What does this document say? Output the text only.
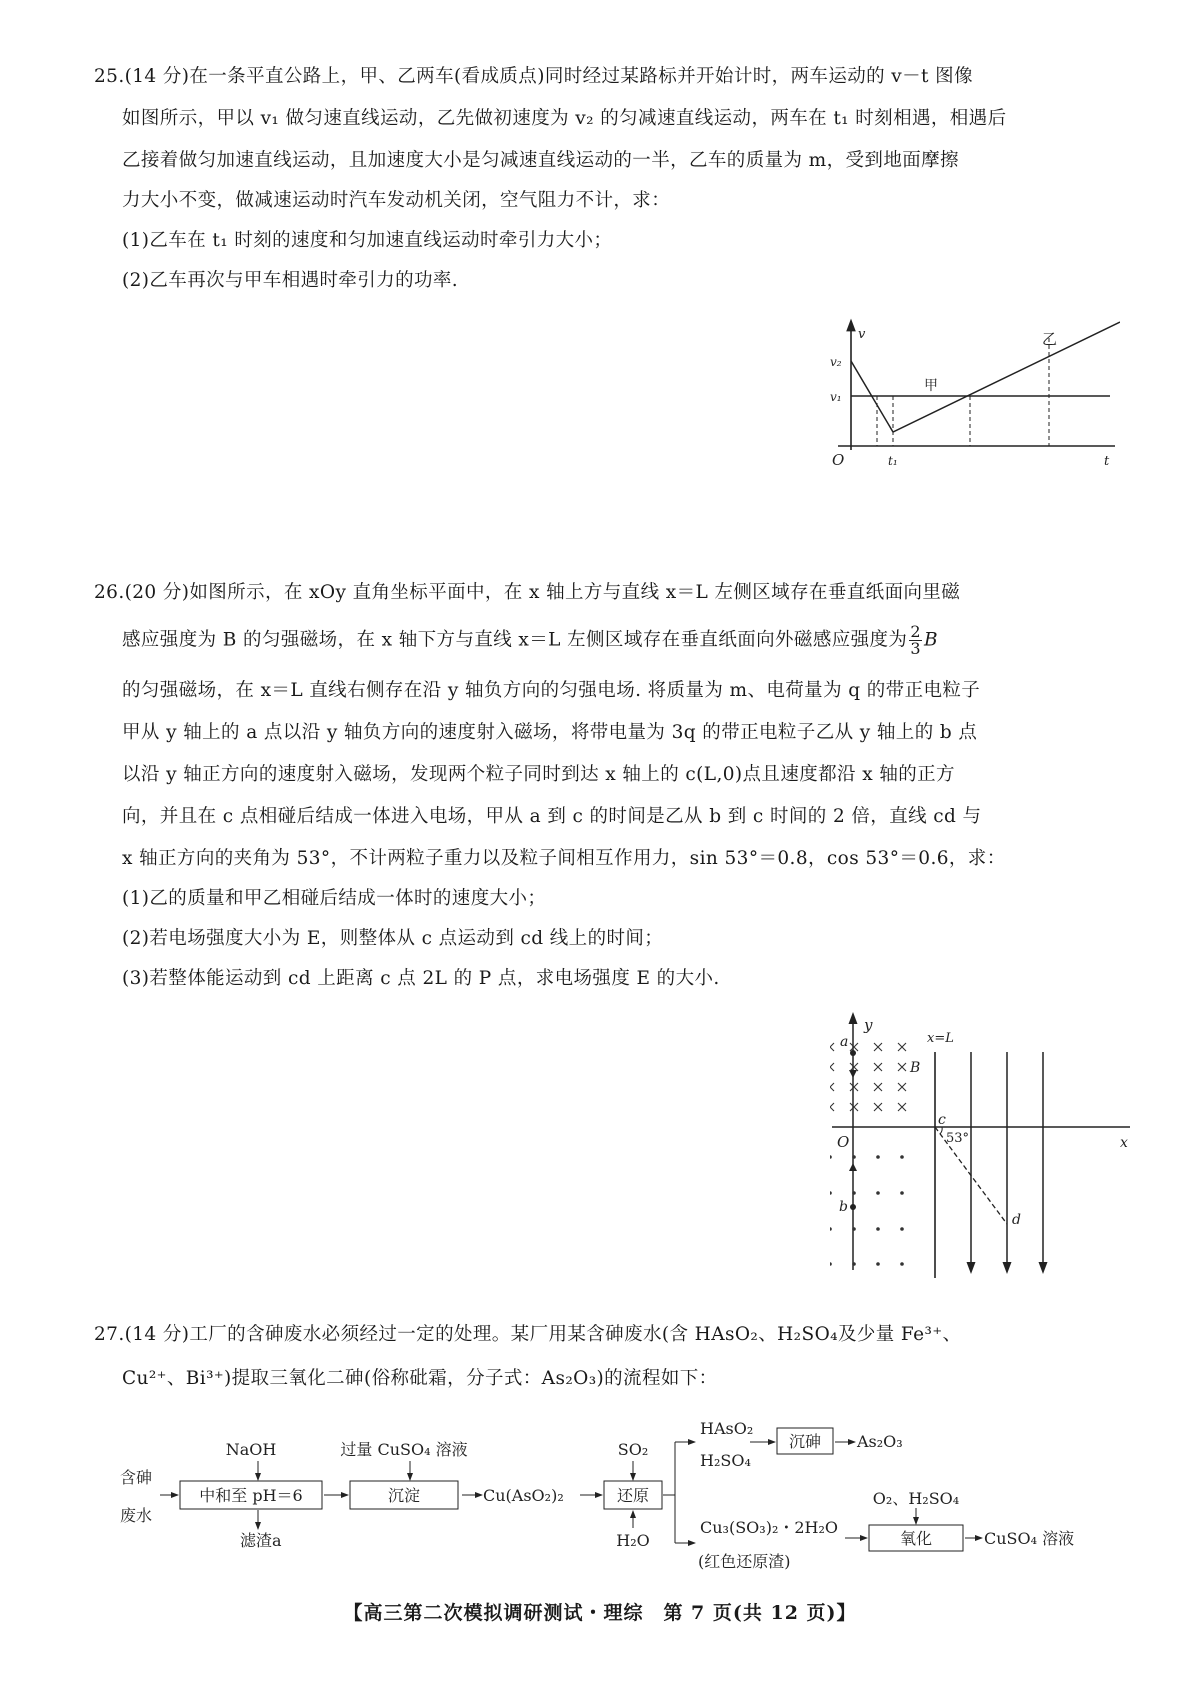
25.(14 分)在一条平直公路上，甲、乙两车(看成质点)同时经过某路标并开始计时，两车运动的 v－t 图像
如图所示，甲以 v₁ 做匀速直线运动，乙先做初速度为 v₂ 的匀减速直线运动，两车在 t₁ 时刻相遇，相遇后
乙接着做匀加速直线运动，且加速度大小是匀减速直线运动的一半，乙车的质量为 m，受到地面摩擦
力大小不变，做减速运动时汽车发动机关闭，空气阻力不计，求：
(1)乙车在 t₁ 时刻的速度和匀加速直线运动时牵引力大小；
(2)乙车再次与甲车相遇时牵引力的功率.
v
v₂
v₁
O	t₁	t
甲
乙
26.(20 分)如图所示，在 xOy 直角坐标平面中，在 x 轴上方与直线 x＝L 左侧区域存在垂直纸面向里磁
感应强度为 B 的匀强磁场，在 x 轴下方与直线 x＝L 左侧区域存在垂直纸面向外磁感应强度为 $\frac{2}{3}$ B
的匀强磁场，在 x＝L 直线右侧存在沿 y 轴负方向的匀强电场. 将质量为 m、电荷量为 q 的带正电粒子
甲从 y 轴上的 a 点以沿 y 轴负方向的速度射入磁场，将带电量为 3q 的带正电粒子乙从 y 轴上的 b 点
以沿 y 轴正方向的速度射入磁场，发现两个粒子同时到达 x 轴上的 c(L,0)点且速度都沿 x 轴的正方
向，并且在 c 点相碰后结成一体进入电场，甲从 a 到 c 的时间是乙从 b 到 c 时间的 2 倍，直线 cd 与
x 轴正方向的夹角为 53°，不计两粒子重力以及粒子间相互作用力，sin 53°＝0.8，cos 53°＝0.6，求：
(1)乙的质量和甲乙相碰后结成一体时的速度大小；
(2)若电场强度大小为 E，则整体从 c 点运动到 cd 线上的时间；
(3)若整体能运动到 cd 上距离 c 点 2L 的 P 点，求电场强度 E 的大小.
y
x
O
x=L
a
b
c
d
B
53°
27.(14 分)工厂的含砷废水必须经过一定的处理。某厂用某含砷废水(含 HAsO₂、H₂SO₄及少量 Fe³⁺、
Cu²⁺、Bi³⁺)提取三氧化二砷(俗称砒霜，分子式：As₂O₃)的流程如下：
含砷
废水
中和至 pH＝6
NaOH
滤渣a
沉淀
过量 CuSO₄ 溶液
Cu(AsO₂)₂	还原
SO₂
H₂O
HAsO₂
H₂SO₄
沉砷 As₂O₃
Cu₃(SO₃)₂・2H₂O
(红色还原渣)
氧化
O₂、H₂SO₄
CuSO₄ 溶液
【高三第二次模拟调研测试・理综　第 7 页(共 12 页)】
